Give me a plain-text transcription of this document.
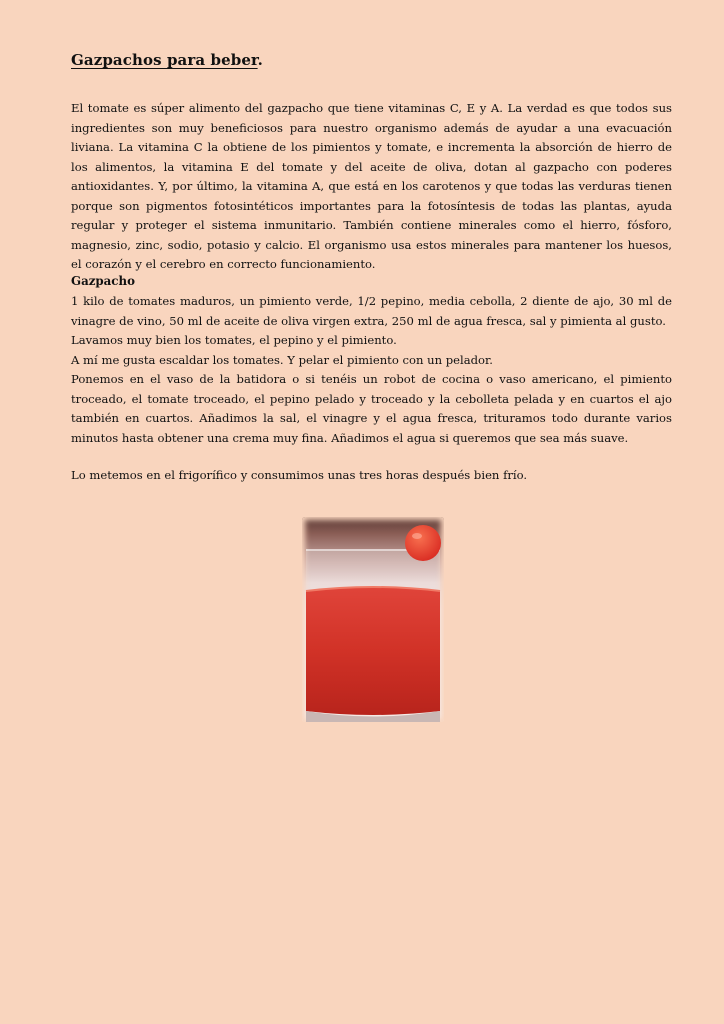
Gazpachos para beber.

El tomate es súper alimento del gazpacho que tiene vitaminas C, E y A. La verdad es que todos sus ingredientes son muy beneficiosos para nuestro organismo además de ayudar a una evacuación liviana. La vitamina C la obtiene de los pimientos y tomate, e incrementa la absorción de hierro de los alimentos, la vitamina E del tomate y del aceite de oliva, dotan al gazpacho con poderes antioxidantes. Y, por último, la vitamina A, que está en los carotenos y que todas las verduras tienen porque son pigmentos fotosintéticos importantes para la fotosíntesis de todas las plantas, ayuda regular y proteger el sistema inmunitario. También contiene minerales como el hierro, fósforo, magnesio, zinc, sodio, potasio y calcio. El organismo usa estos minerales para mantener los huesos, el corazón y el cerebro en correcto funcionamiento.

Gazpacho

1 kilo de tomates maduros, un pimiento verde, 1/2 pepino, media cebolla, 2 diente de ajo, 30 ml de vinagre de vino, 50 ml de aceite de oliva virgen extra, 250 ml de agua fresca, sal y pimienta al gusto.

Lavamos muy bien los tomates, el pepino y el pimiento.

A mí me gusta escaldar los tomates. Y pelar el pimiento con un pelador.

Ponemos en el vaso de la batidora o si tenéis un robot de cocina o vaso americano, el pimiento troceado, el tomate troceado, el pepino pelado y troceado y la cebolleta pelada y en cuartos el ajo también en cuartos. Añadimos la sal, el vinagre y el agua fresca, trituramos todo durante varios minutos hasta obtener una crema muy fina. Añadimos el agua si queremos que sea más suave.

Lo metemos en el frigorífico y consumimos unas tres horas después bien frío.
